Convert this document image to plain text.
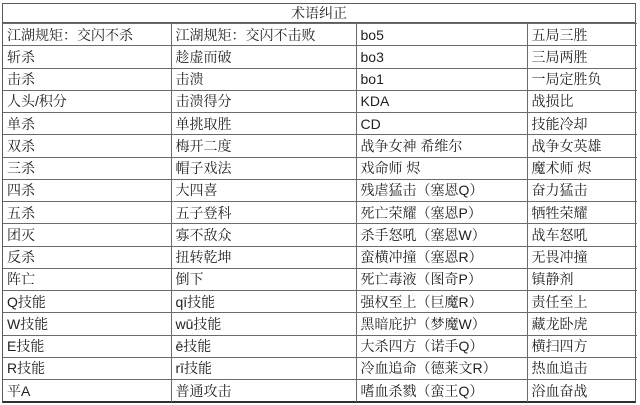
术语纠正
江湖规矩：交闪不杀	江湖规矩：交闪不击败	bo5	五局三胜
斩杀	趁虚而破	bo3	三局两胜
击杀	击溃	bo1	一局定胜负
人头/积分	击溃得分	KDA	战损比
单杀	单挑取胜	CD	技能冷却
双杀	梅开二度	战争女神 希维尔	战争女英雄
三杀	帽子戏法	戏命师 烬	魔术师 烬
四杀	大四喜	残虐猛击（塞恩Q）	奋力猛击
五杀	五子登科	死亡荣耀（塞恩P）	牺牲荣耀
团灭	寡不敌众	杀手怒吼（塞恩W）	战车怒吼
反杀	扭转乾坤	蛮横冲撞（塞恩R）	无畏冲撞
阵亡	倒下	死亡毒液（图奇P）	镇静剂
Q技能	qī技能	强权至上（巨魔R）	责任至上
W技能	wū技能	黑暗庇护（梦魔W）	藏龙卧虎
E技能	ē技能	大杀四方（诺手Q）	横扫四方
R技能	rī技能	冷血追命（德莱文R）	热血追击
平A	普通攻击	嗜血杀戮（蛮王Q）	浴血奋战
